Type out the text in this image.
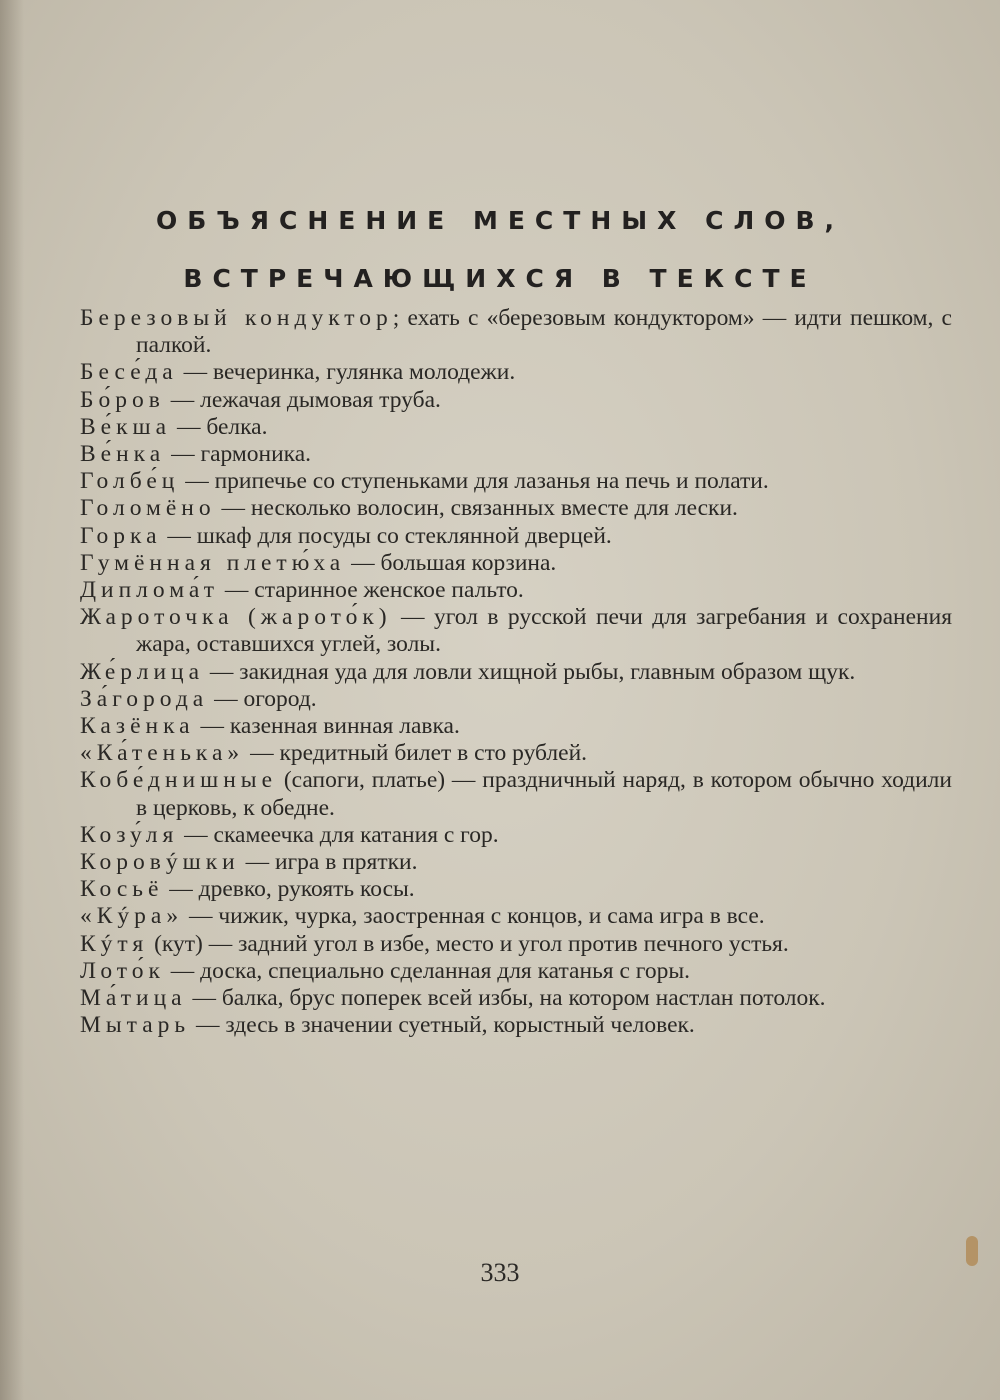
ОБЪЯСНЕНИЕ МЕСТНЫХ СЛОВ,
ВСТРЕЧАЮЩИХСЯ В ТЕКСТЕ
Березовый кондуктор; ехать с «березовым кондуктором» — идти пешком, с палкой.
Бесе́да — вечеринка, гулянка молодежи.
Бо́ров — лежачая дымовая труба.
Ве́кша — белка.
Ве́нка — гармоника.
Голбе́ц — припечье со ступеньками для лазанья на печь и полати.
Голомёно — несколько волосин, связанных вместе для лески.
Горка — шкаф для посуды со стеклянной дверцей.
Гумённая плетю́ха — большая корзина.
Диплома́т — старинное женское пальто.
Жароточка (жарото́к) — угол в русской печи для загребания и сохранения жара, оставшихся углей, золы.
Же́рлица — закидная уда для ловли хищной рыбы, главным образом щук.
За́города — огород.
Казёнка — казенная винная лавка.
«Ка́тенька» — кредитный билет в сто рублей.
Кобе́днишные (сапоги, платье) — праздничный наряд, в котором обычно ходили в церковь, к обедне.
Козу́ля — скамеечка для катания с гор.
Коровýшки — игра в прятки.
Косьё — древко, рукоять косы.
«Кýра» — чижик, чурка, заостренная с концов, и сама игра в все.
Кýтя (кут) — задний угол в избе, место и угол против печного устья.
Лото́к — доска, специально сделанная для катанья с горы.
Ма́тица — балка, брус поперек всей избы, на котором настлан потолок.
Мытарь — здесь в значении суетный, корыстный человек.
333
